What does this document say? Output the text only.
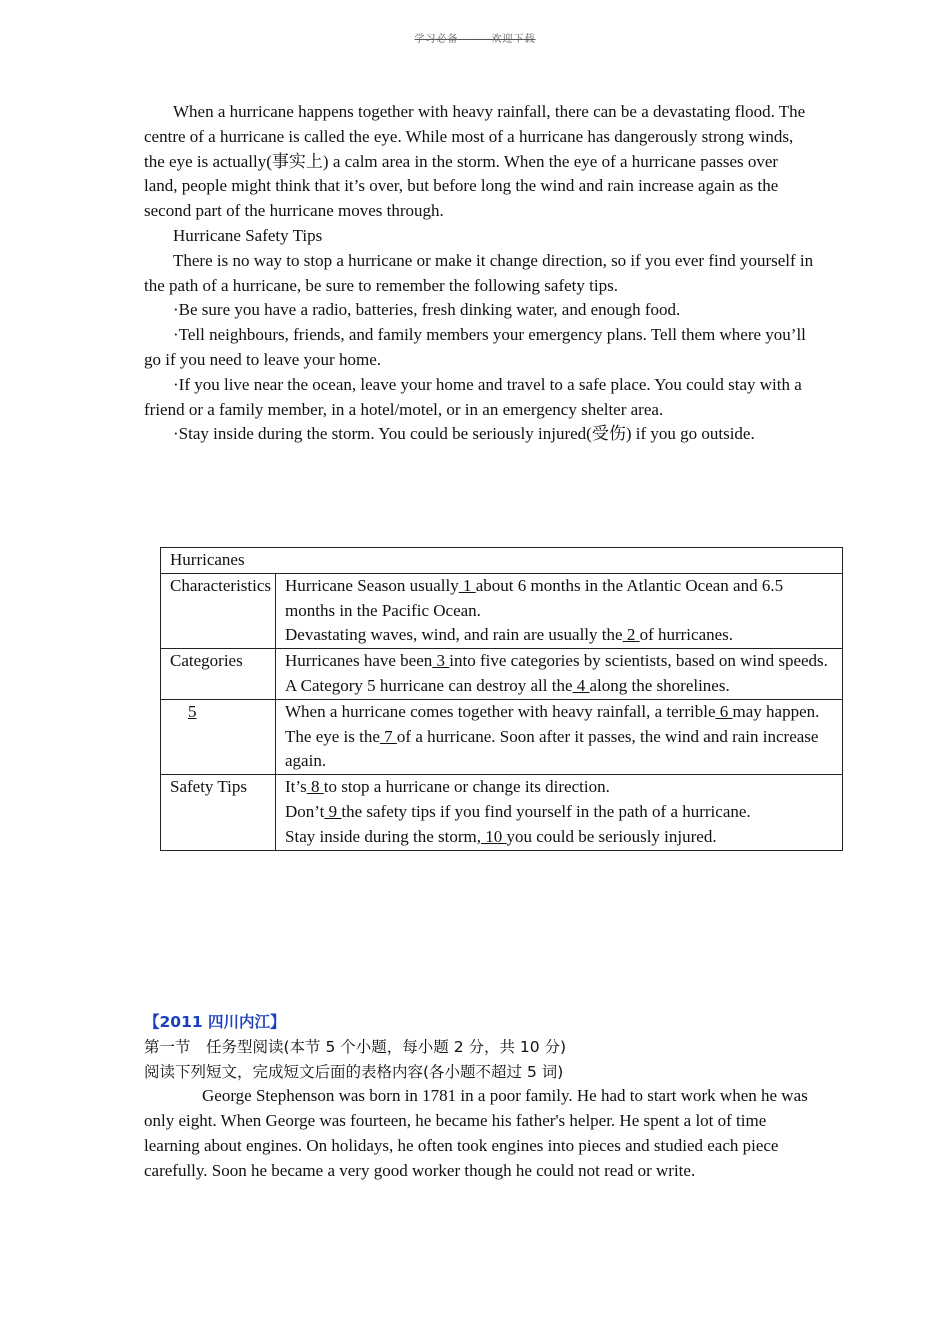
学习必备———欢迎下载

When a hurricane happens together with heavy rainfall, there can be a devastating flood. The centre of a hurricane is called the eye. While most of a hurricane has dangerously strong winds, the eye is actually(事实上) a calm area in the storm. When the eye of a hurricane passes over land, people might think that it’s over, but before long the wind and rain increase again as the second part of the hurricane moves through.

Hurricane Safety Tips

There is no way to stop a hurricane or make it change direction, so if you ever find yourself in the path of a hurricane, be sure to remember the following safety tips.

·Be sure you have a radio, batteries, fresh dinking water, and enough food.

·Tell neighbours, friends, and family members your emergency plans. Tell them where you’ll go if you need to leave your home.

·If you live near the ocean, leave your home and travel to a safe place. You could stay with a friend or a family member, in a hotel/motel, or in an emergency shelter area.

·Stay inside during the storm. You could be seriously injured(受伤) if you go outside.

Hurricanes	
Characteristics	Hurricane Season usually 1 about 6 months in the Atlantic Ocean and 6.5 months in the Pacific Ocean.
Devastating waves, wind, and rain are usually the 2 of hurricanes.
Categories	Hurricanes have been 3 into five categories by scientists, based on wind speeds.
A Category 5 hurricane can destroy all the 4 along the shorelines.
5	When a hurricane comes together with heavy rainfall, a terrible 6 may happen.
The eye is the 7 of a hurricane. Soon after it passes, the wind and rain increase again.
Safety Tips	It’s 8 to stop a hurricane or change its direction.
Don’t 9 the safety tips if you find yourself in the path of a hurricane.
Stay inside during the storm, 10 you could be seriously injured.
【2011 四川内江】
第一节　任务型阅读(本节 5 个小题，每小题 2 分，共 10 分)
阅读下列短文，完成短文后面的表格内容(各小题不超过 5 词)

George Stephenson was born in 1781 in a poor family. He had to start work when he was only eight. When George was fourteen, he became his father's helper. He spent a lot of time learning about engines. On holidays, he often took engines into pieces and studied each piece carefully. Soon he became a very good worker though he could not read or write.
